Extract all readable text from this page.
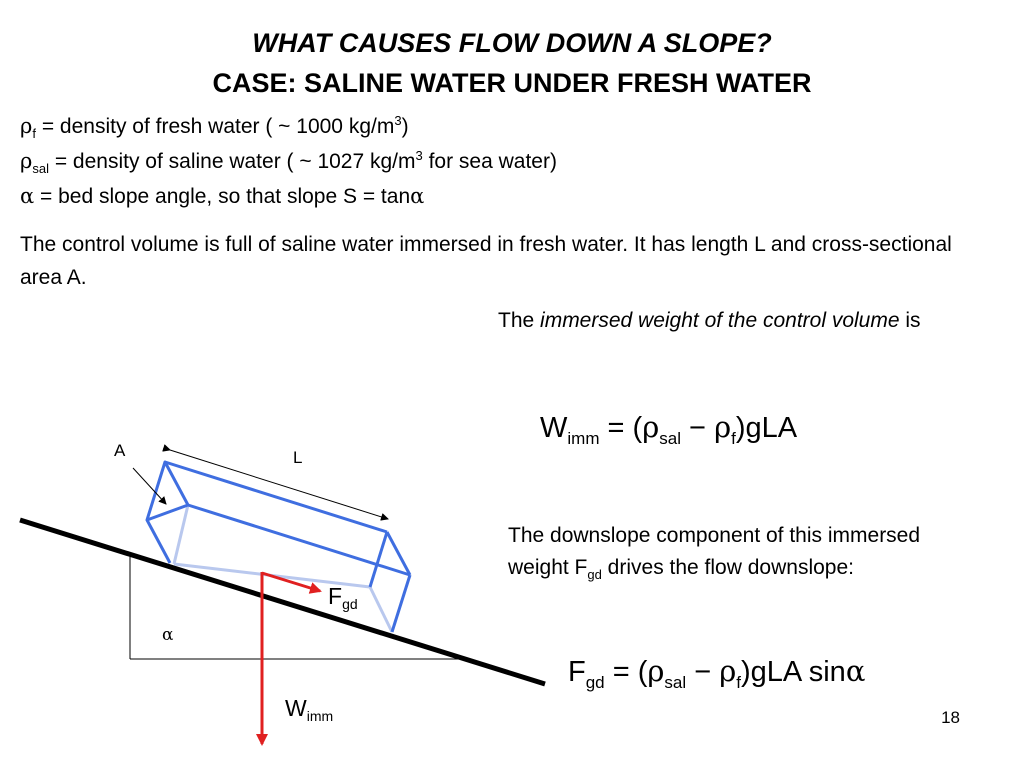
WHAT CAUSES FLOW DOWN A SLOPE?
CASE: SALINE WATER UNDER FRESH WATER
$\rho_f$ = density of fresh water ( ~ 1000 $kg/m^3$)
$\rho_{sal}$ = density of saline water ( ~ 1027 $kg/m^3$ for sea water)
α = bed slope angle, so that slope S = tanα
The control volume is full of saline water immersed in fresh water. It has length L and cross-sectional area A.
The immersed weight of the control volume is
$W_{imm} = (\rho_{sal} - \rho_f)gLA$
The downslope component of this immersed weight $F_{gd}$ drives the flow downslope:
$F_{gd} = (\rho_{sal} - \rho_f)gLA$ sinα
A	L
α
$F_{gd}$
$W_{imm}$	18
